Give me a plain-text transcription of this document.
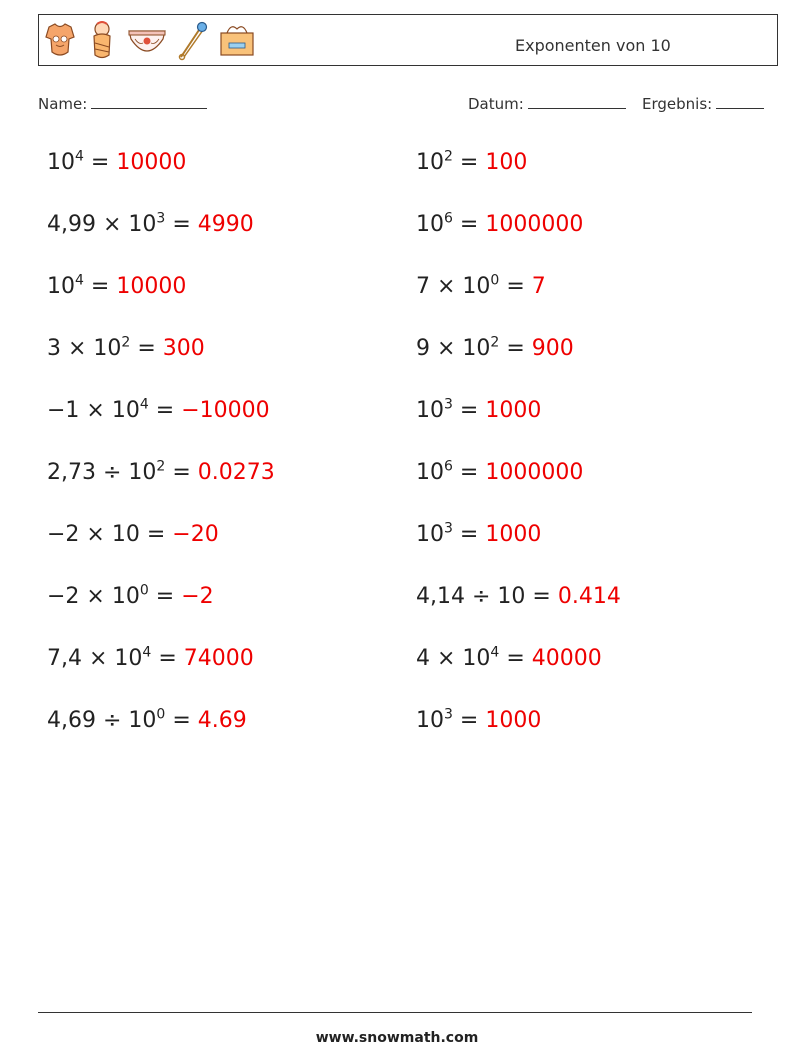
Exponenten von 10
Name:	Datum:	Ergebnis:
$10^4 = 10000$
$4,99 \times 10^3 = 4990$
$10^4 = 10000$
$3 \times 10^2 = 300$
$-1 \times 10^4 = -10000$
$2,73 \div 10^2 = 0.0273$
−2 × 10 = −20
$-2 \times 10^0 = -2$
$7,4 \times 10^4 = 74000$
$4,69 \div 10^0 = 4.69$
$10^2 = 100$
$10^6 = 1000000$
$7 \times 10^0 = 7$
$9 \times 10^2 = 900$
$10^3 = 1000$
$10^6 = 1000000$
$10^3 = 1000$
4,14 ÷ 10 = 0.414
$4 \times 10^4 = 40000$
$10^3 = 1000$
www.snowmath.com
